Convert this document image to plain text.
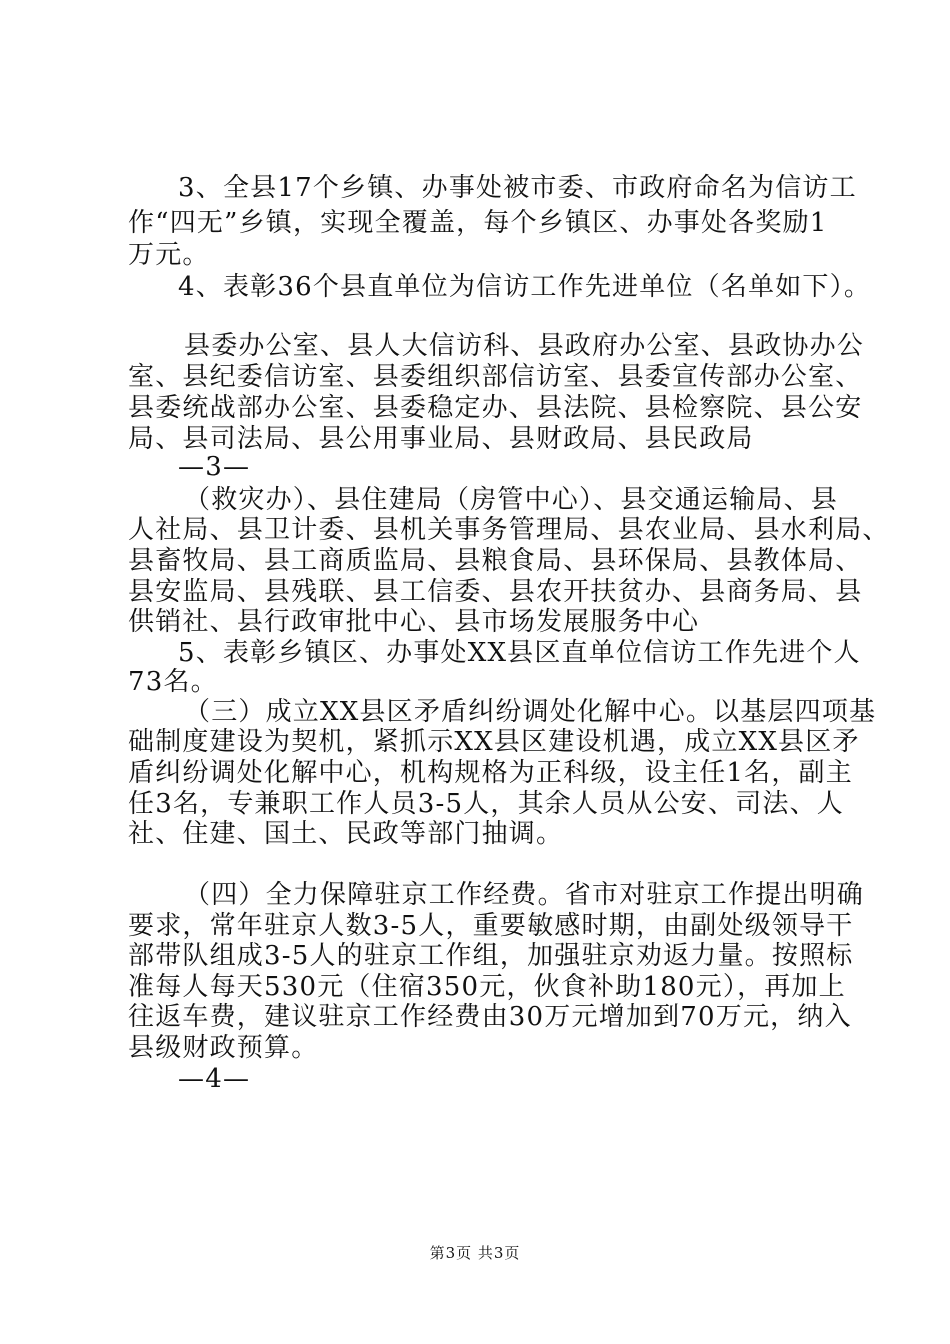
3、全县17个乡镇、办事处被市委、市政府命名为信访工
作“四无”乡镇，实现全覆盖，每个乡镇区、办事处各奖励1
万元。
4、表彰36个县直单位为信访工作先进单位（名单如下）。
县委办公室、县人大信访科、县政府办公室、县政协办公
室、县纪委信访室、县委组织部信访室、县委宣传部办公室、
县委统战部办公室、县委稳定办、县法院、县检察院、县公安
局、县司法局、县公用事业局、县财政局、县民政局
—3—
（救灾办）、县住建局（房管中心）、县交通运输局、县
人社局、县卫计委、县机关事务管理局、县农业局、县水利局、
县畜牧局、县工商质监局、县粮食局、县环保局、县教体局、
县安监局、县残联、县工信委、县农开扶贫办、县商务局、县
供销社、县行政审批中心、县市场发展服务中心
5、表彰乡镇区、办事处XX县区直单位信访工作先进个人
73名。
（三）成立XX县区矛盾纠纷调处化解中心。以基层四项基
础制度建设为契机，紧抓示XX县区建设机遇，成立XX县区矛
盾纠纷调处化解中心，机构规格为正科级，设主任1名，副主
任3名，专兼职工作人员3-5人，其余人员从公安、司法、人
社、住建、国土、民政等部门抽调。
（四）全力保障驻京工作经费。省市对驻京工作提出明确
要求，常年驻京人数3-5人，重要敏感时期，由副处级领导干
部带队组成3-5人的驻京工作组，加强驻京劝返力量。按照标
准每人每天530元（住宿350元，伙食补助180元），再加上
往返车费，建议驻京工作经费由30万元增加到70万元，纳入
县级财政预算。
—4—
第3页 共3页
